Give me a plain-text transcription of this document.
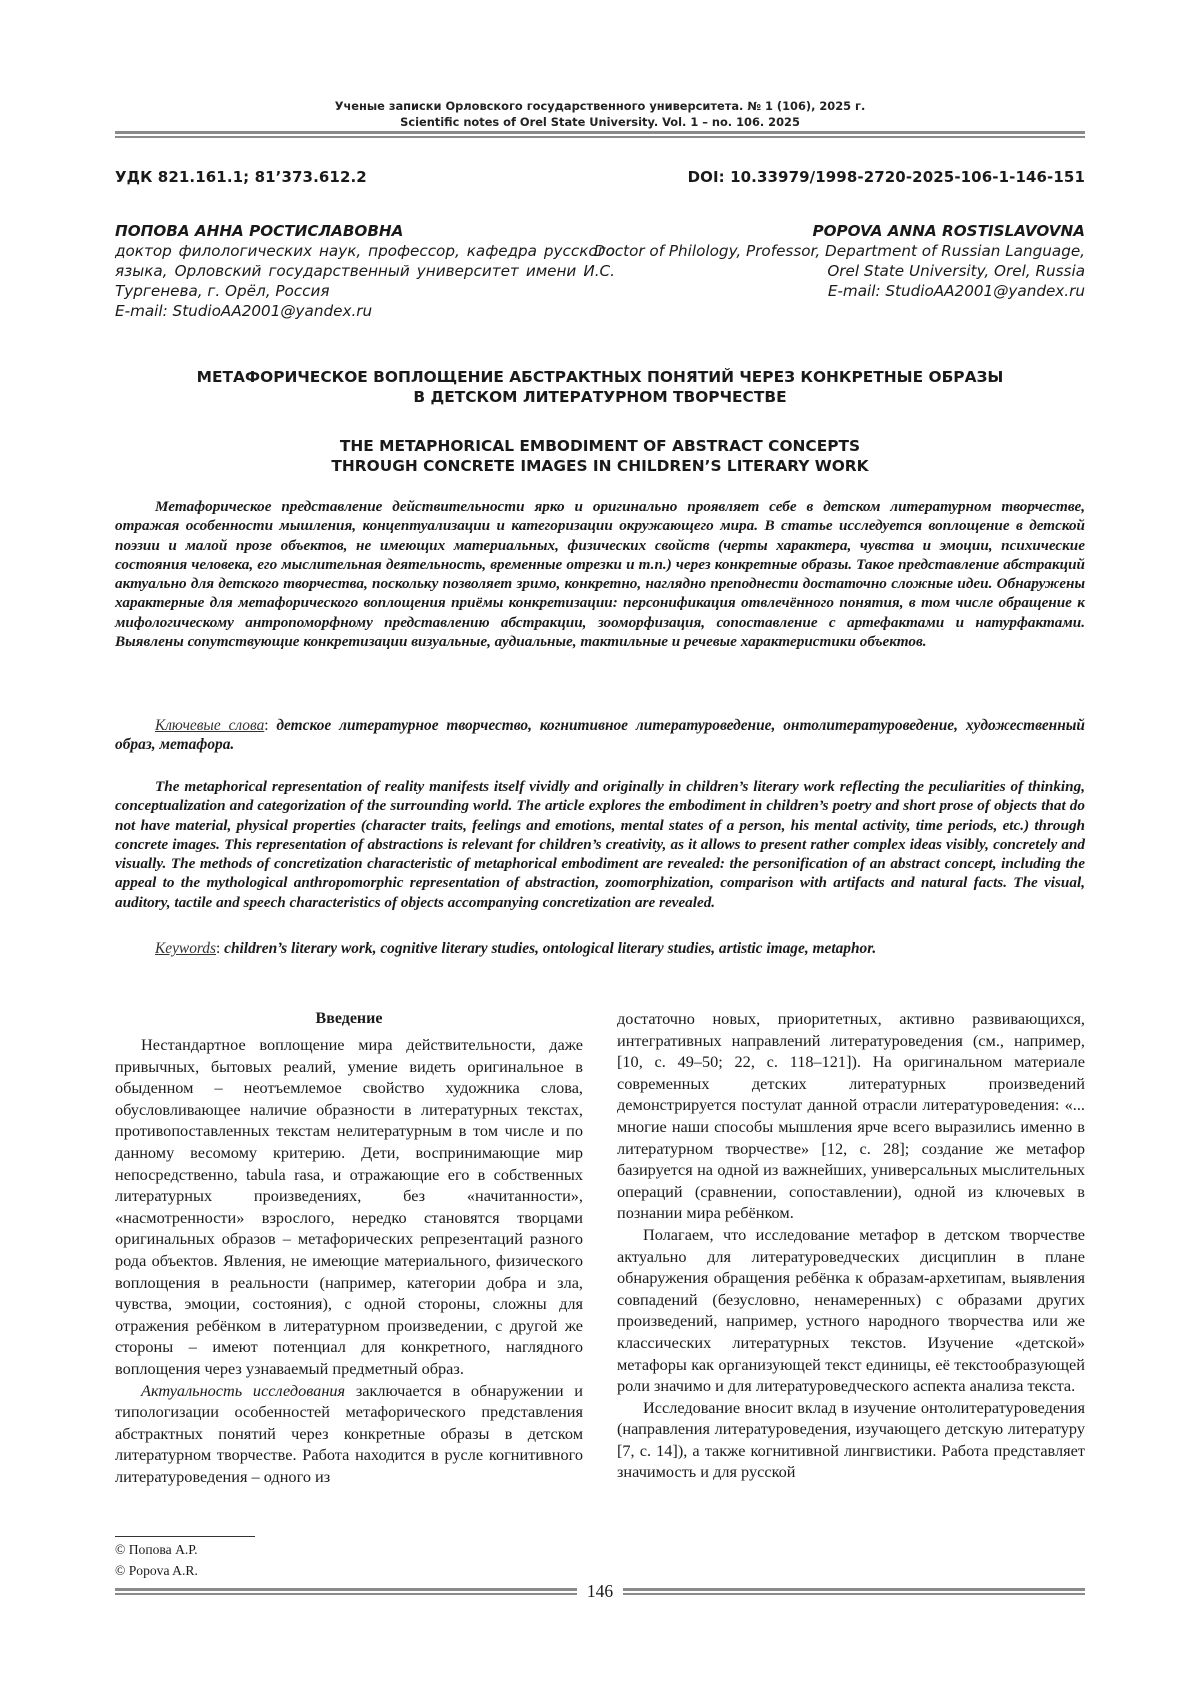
Ученые записки Орловского государственного университета. № 1 (106), 2025 г.
Scientific notes of Orel State University. Vol. 1 – no. 106. 2025
УДК 821.161.1; 81’373.612.2	DOI: 10.33979/1998-2720-2025-106-1-146-151
ПОПОВА АННА РОСТИСЛАВОВНА
доктор филологических наук, профессор, кафедра русского языка, Орловский государственный университет имени И.С. Тургенева, г. Орёл, Россия
E-mail: StudioAA2001@yandex.ru
POPOVA ANNA ROSTISLAVOVNA
Doctor of Philology, Professor, Department of Russian Language, Orel State University, Orel, Russia
E-mail: StudioAA2001@yandex.ru
МЕТАФОРИЧЕСКОЕ ВОПЛОЩЕНИЕ АБСТРАКТНЫХ ПОНЯТИЙ ЧЕРЕЗ КОНКРЕТНЫЕ ОБРАЗЫ
В ДЕТСКОМ ЛИТЕРАТУРНОМ ТВОРЧЕСТВЕ
THE METAPHORICAL EMBODIMENT OF ABSTRACT CONCEPTS
THROUGH CONCRETE IMAGES IN CHILDREN’S LITERARY WORK

Метафорическое представление действительности ярко и оригинально проявляет себе в детском литературном творчестве, отражая особенности мышления, концептуализации и категоризации окружающего мира. В статье исследуется воплощение в детской поэзии и малой прозе объектов, не имеющих материальных, физических свойств (черты характера, чувства и эмоции, психические состояния человека, его мыслительная деятельность, временные отрезки и т.п.) через конкретные образы. Такое представление абстракций актуально для детского творчества, поскольку позволяет зримо, конкретно, наглядно преподнести достаточно сложные идеи. Обнаружены характерные для метафорического воплощения приёмы конкретизации: персонификация отвлечённого понятия, в том числе обращение к мифологическому антропоморфному представлению абстракции, зооморфизация, сопоставление с артефактами и натурфактами. Выявлены сопутствующие конкретизации визуальные, аудиальные, тактильные и речевые характеристики объектов.

Ключевые слова: детское литературное творчество, когнитивное литературоведение, онтолитературоведение, художественный образ, метафора.

The metaphorical representation of reality manifests itself vividly and originally in children’s literary work reflecting the peculiarities of thinking, conceptualization and categorization of the surrounding world. The article explores the embodiment in children’s poetry and short prose of objects that do not have material, physical properties (character traits, feelings and emotions, mental states of a person, his mental activity, time periods, etc.) through concrete images. This representation of abstractions is relevant for children’s creativity, as it allows to present rather complex ideas visibly, concretely and visually. The methods of concretization characteristic of metaphorical embodiment are revealed: the personification of an abstract concept, including the appeal to the mythological anthropomorphic representation of abstraction, zoomorphization, comparison with artifacts and natural facts. The visual, auditory, tactile and speech characteristics of objects accompanying concretization are revealed.

Keywords: children’s literary work, cognitive literary studies, ontological literary studies, artistic image, metaphor.

Введение

Нестандартное воплощение мира действительности, даже привычных, бытовых реалий, умение видеть оригинальное в обыденном – неотъемлемое свойство художника слова, обусловливающее наличие образности в литературных текстах, противопоставленных текстам нелитературным в том числе и по данному весомому критерию. Дети, воспринимающие мир непосредственно, tabula rasa, и отражающие его в собственных литературных произведениях, без «начитанности», «насмотренности» взрослого, нередко становятся творцами оригинальных образов – метафорических репрезентаций разного рода объектов. Явления, не имеющие материального, физического воплощения в реальности (например, категории добра и зла, чувства, эмоции, состояния), с одной стороны, сложны для отражения ребёнком в литературном произведении, с другой же стороны – имеют потенциал для конкретного, наглядного воплощения через узнаваемый предметный образ.

Актуальность исследования заключается в обнаружении и типологизации особенностей метафорического представления абстрактных понятий через конкретные образы в детском литературном творчестве. Работа находится в русле когнитивного литературоведения – одного из

достаточно новых, приоритетных, активно развивающихся, интегративных направлений литературоведения (см., например, [10, с. 49–50; 22, с. 118–121]). На оригинальном материале современных детских литературных произведений демонстрируется постулат данной отрасли литературоведения: «... многие наши способы мышления ярче всего выразились именно в литературном творчестве» [12, с. 28]; создание же метафор базируется на одной из важнейших, универсальных мыслительных операций (сравнении, сопоставлении), одной из ключевых в познании мира ребёнком.

Полагаем, что исследование метафор в детском творчестве актуально для литературоведческих дисциплин в плане обнаружения обращения ребёнка к образам-архетипам, выявления совпадений (безусловно, ненамеренных) с образами других произведений, например, устного народного творчества или же классических литературных текстов. Изучение «детской» метафоры как организующей текст единицы, её текстообразующей роли значимо и для литературоведческого аспекта анализа текста.

Исследование вносит вклад в изучение онтолитературоведения (направления литературоведения, изучающего детскую литературу [7, с. 14]), а также когнитивной лингвистики. Работа представляет значимость и для русской

© Попова А.Р.
© Popova A.R.
146
